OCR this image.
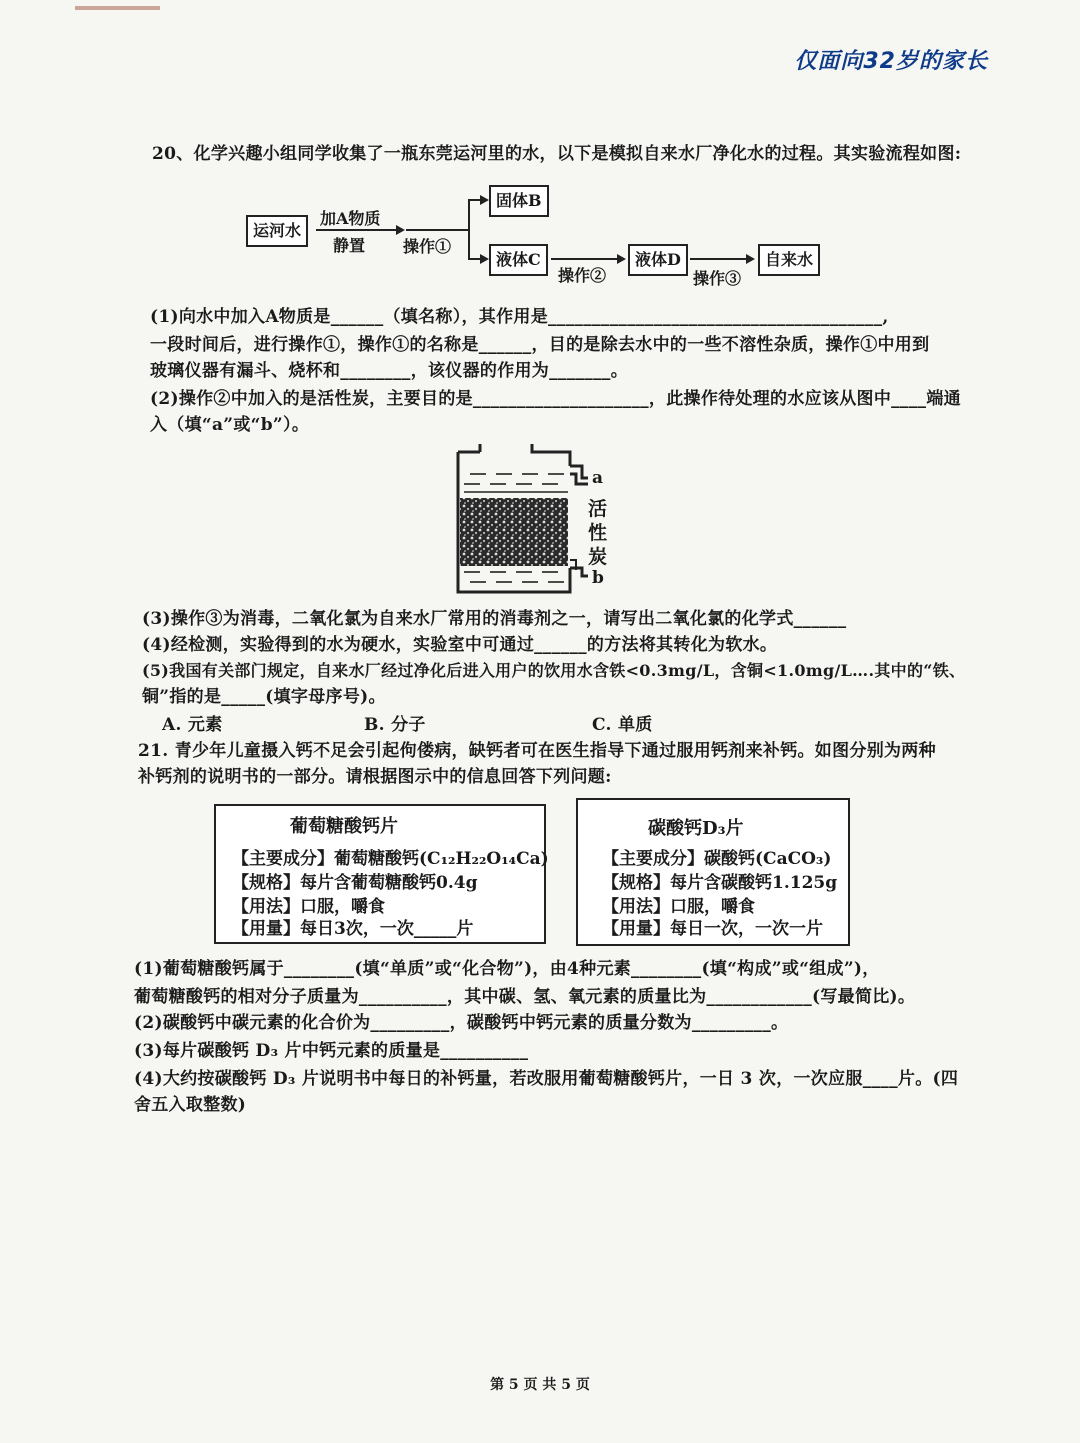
仅面向32岁的家长
20、化学兴趣小组同学收集了一瓶东莞运河里的水，以下是模拟自来水厂净化水的过程。其实验流程如图:
运河水
加A物质
静置 操作①
固体B
液体C
操作②
液体D
操作③
自来水
(1)向水中加入A物质是______（填名称），其作用是______________________________________,
一段时间后，进行操作①，操作①的名称是______，目的是除去水中的一些不溶性杂质，操作①中用到
玻璃仪器有漏斗、烧杯和________，该仪器的作用为_______。
(2)操作②中加入的是活性炭，主要目的是____________________，此操作待处理的水应该从图中____端通
入（填“a”或“b”）。
a
活
性
炭
b
(3)操作③为消毒，二氧化氯为自来水厂常用的消毒剂之一，请写出二氧化氯的化学式______
(4)经检测，实验得到的水为硬水，实验室中可通过______的方法将其转化为软水。
(5)我国有关部门规定，自来水厂经过净化后进入用户的饮用水含铁<0.3mg/L，含铜<1.0mg/L….其中的“铁、
铜”指的是_____(填字母序号)。
A. 元素	B. 分子	C. 单质
21. 青少年儿童摄入钙不足会引起佝偻病，缺钙者可在医生指导下通过服用钙剂来补钙。如图分别为两种
补钙剂的说明书的一部分。请根据图示中的信息回答下列问题:
葡萄糖酸钙片
【主要成分】葡萄糖酸钙(C₁₂H₂₂O₁₄Ca)
【规格】每片含葡萄糖酸钙0.4g
【用法】口服，嚼食
【用量】每日3次，一次_____片
碳酸钙D₃片
【主要成分】碳酸钙(CaCO₃)
【规格】每片含碳酸钙1.125g
【用法】口服，嚼食
【用量】每日一次，一次一片
(1)葡萄糖酸钙属于________(填“单质”或“化合物”)，由4种元素________(填“构成”或“组成”)，
葡萄糖酸钙的相对分子质量为__________，其中碳、氢、氧元素的质量比为____________(写最简比)。
(2)碳酸钙中碳元素的化合价为_________，碳酸钙中钙元素的质量分数为_________。
(3)每片碳酸钙 D₃ 片中钙元素的质量是__________
(4)大约按碳酸钙 D₃ 片说明书中每日的补钙量，若改服用葡萄糖酸钙片，一日 3 次，一次应服____片。(四
舍五入取整数)
第 5 页 共 5 页
